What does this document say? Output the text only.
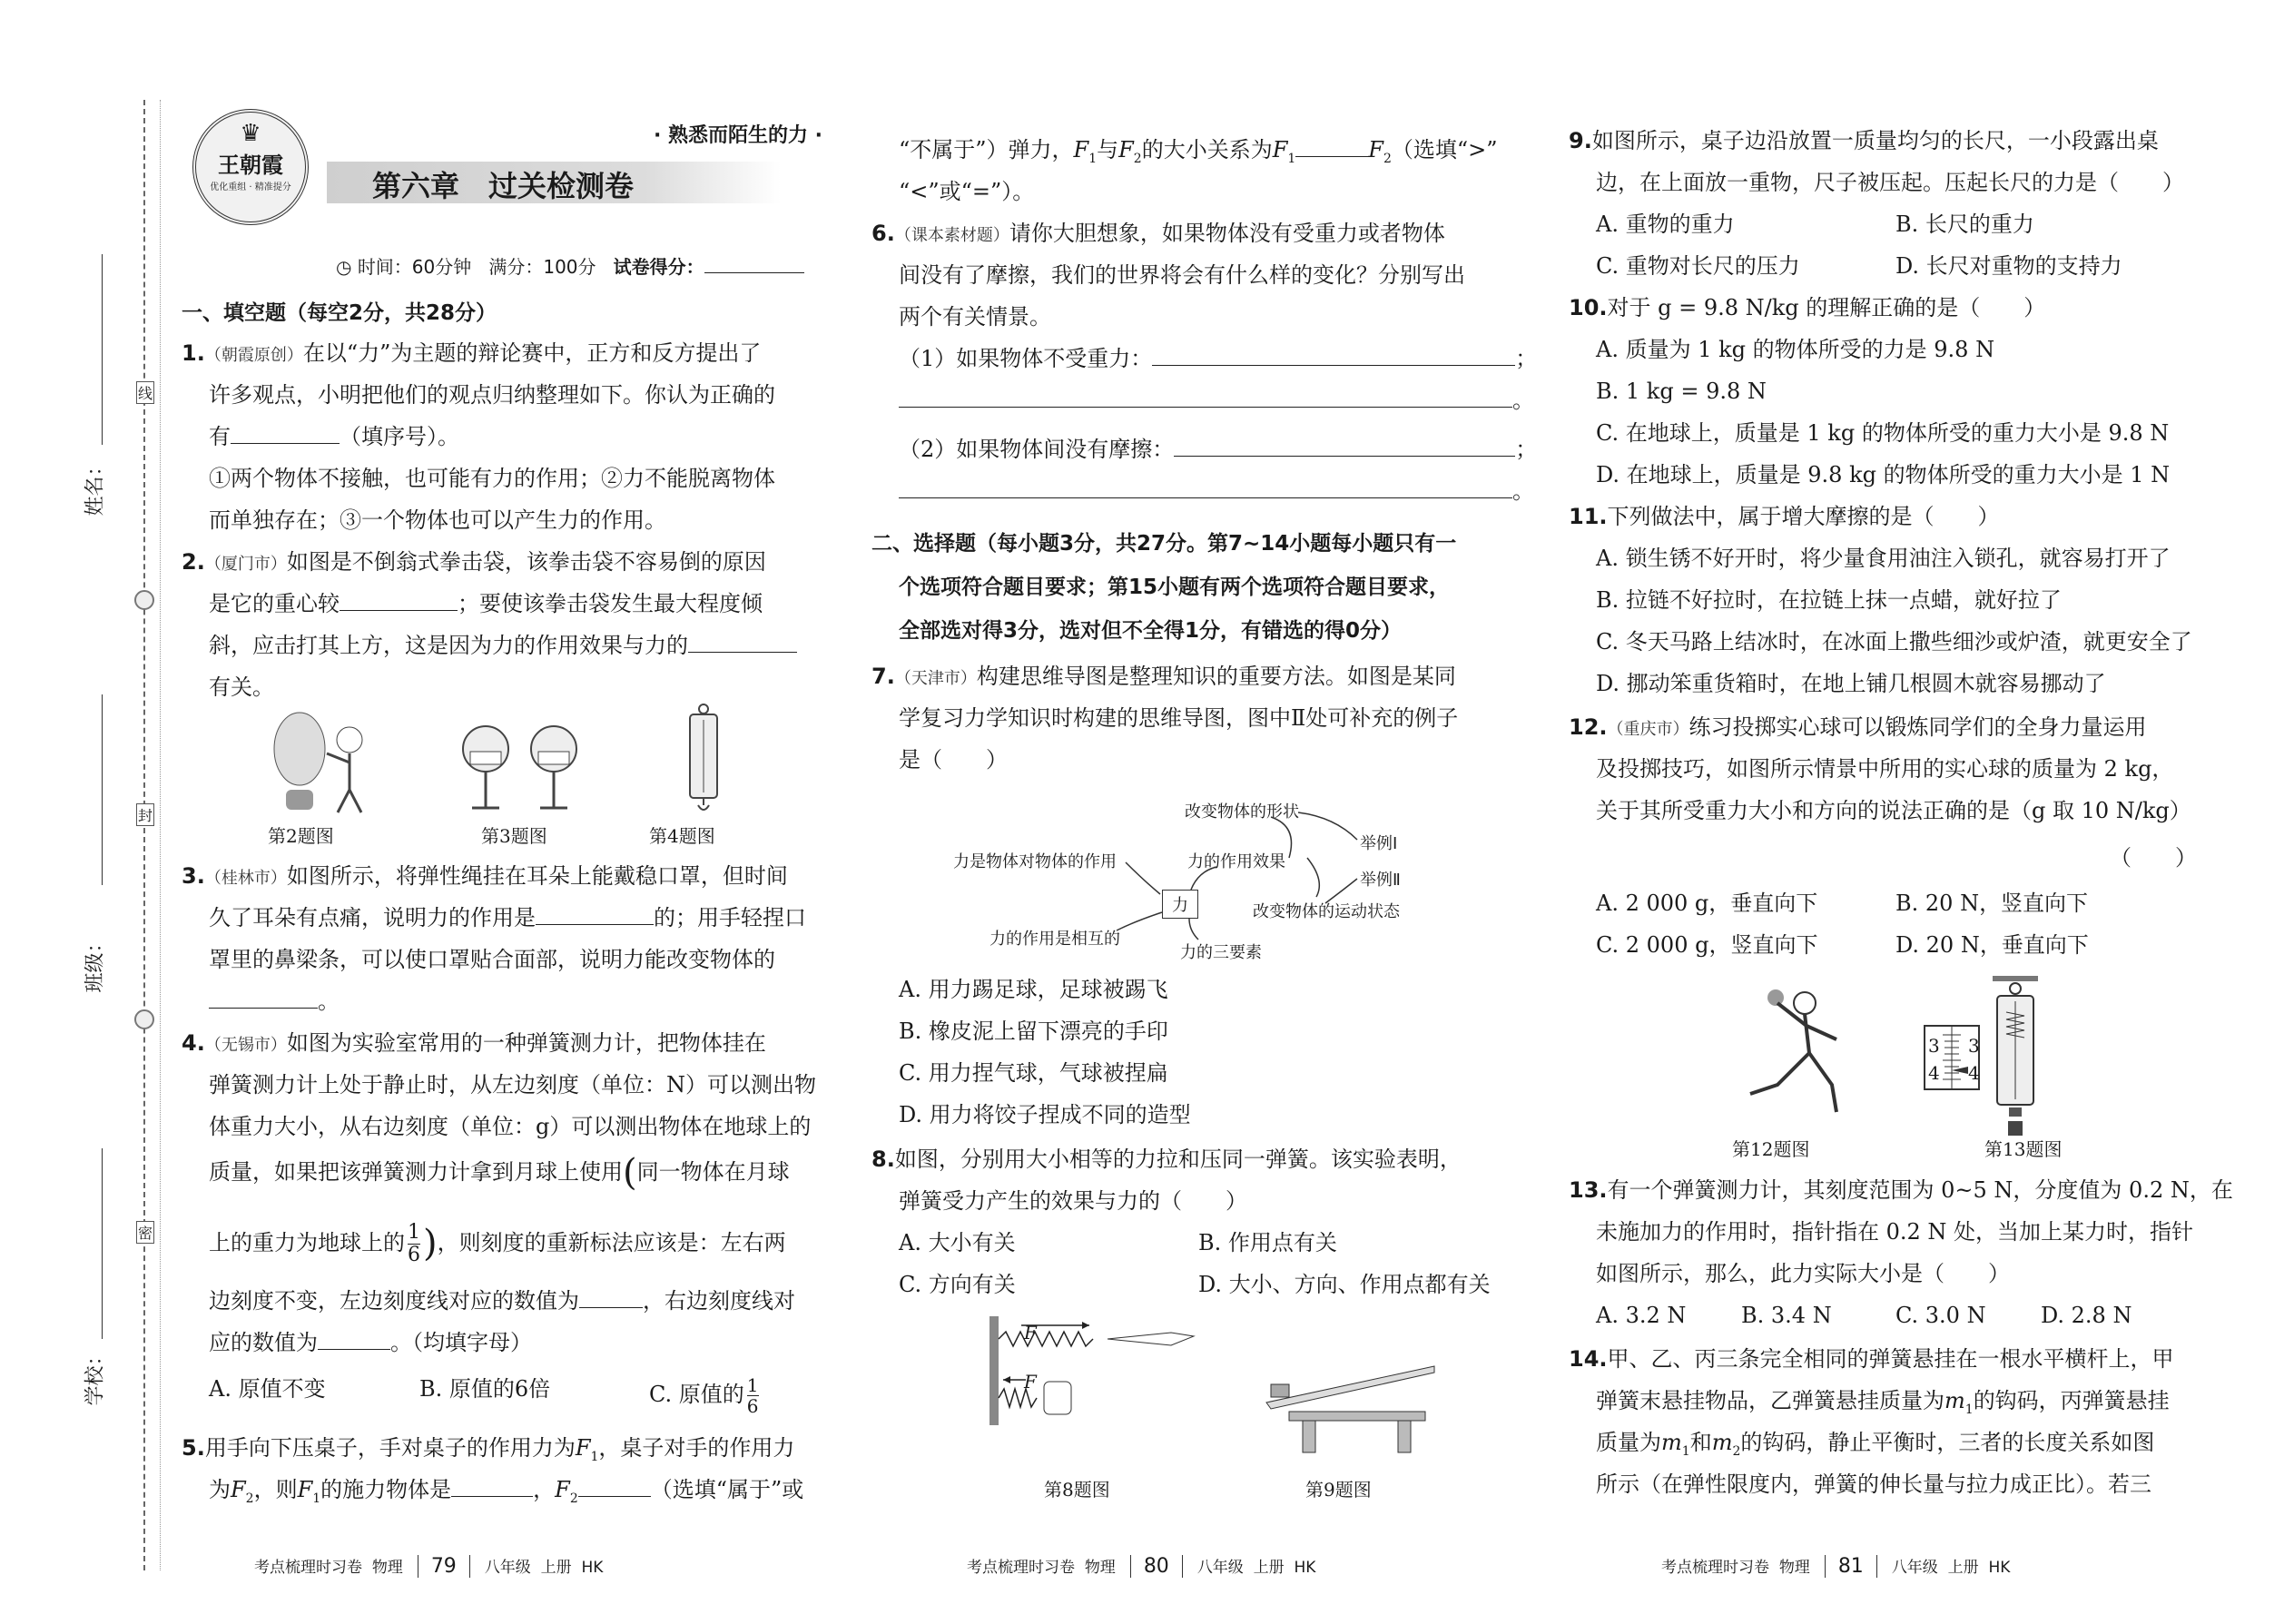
姓名：
班级：
学校：
线
封
密
♛
王朝霞
优化重组 · 精准提分
· 熟悉而陌生的力 ·
第六章　过关检测卷
◷ 时间：60分钟 满分：100分 试卷得分：
一、填空题（每空2分，共28分）
1.（朝霞原创）在以“力”为主题的辩论赛中，正方和反方提出了
许多观点，小明把他们的观点归纳整理如下。你认为正确的
有	（填序号）。
①两个物体不接触，也可能有力的作用；②力不能脱离物体
而单独存在；③一个物体也可以产生力的作用。
2.（厦门市）如图是不倒翁式拳击袋，该拳击袋不容易倒的原因
是它的重心较	；要使该拳击袋发生最大程度倾
斜，应击打其上方，这是因为力的作用效果与力的
有关。
第2题图	第3题图	第4题图
3.（桂林市）如图所示，将弹性绳挂在耳朵上能戴稳口罩，但时间
久了耳朵有点痛，说明力的作用是	的；用手轻捏口
罩里的鼻梁条，可以使口罩贴合面部，说明力能改变物体的
。
4.（无锡市）如图为实验室常用的一种弹簧测力计，把物体挂在
弹簧测力计上处于静止时，从左边刻度（单位：N）可以测出物
体重力大小，从右边刻度（单位：g）可以测出物体在地球上的
质量，如果把该弹簧测力计拿到月球上使用(同一物体在月球
上的重力为地球上的 $\frac{1}{6}$ )，则刻度的重新标法应该是：左右两
边刻度不变，左边刻度线对应的数值为	，右边刻度线对
应的数值为	。（均填字母）
A. 原值不变	B. 原值的6倍	C. 原值的 $\frac{1}{6}$
5.用手向下压桌子，手对桌子的作用力为$F_1$，桌子对手的作用力
为$F_2$，则$F_1$的施力物体是	，$F_2$	（选填“属于”或
“不属于”）弹力，$F_1$与$F_2$的大小关系为$F_1$	$F_2$（选填“>”
“<”或“=”）。
6.（课本素材题）请你大胆想象，如果物体没有受重力或者物体
间没有了摩擦，我们的世界将会有什么样的变化？分别写出
两个有关情景。
（1）如果物体不受重力：	；
。
（2）如果物体间没有摩擦：	；
。
二、选择题（每小题3分，共27分。第7~14小题每小题只有一
个选项符合题目要求；第15小题有两个选项符合题目要求，
全部选对得3分，选对但不全得1分，有错选的得0分）
7.（天津市）构建思维导图是整理知识的重要方法。如图是某同
学复习力学知识时构建的思维导图，图中Ⅱ处可补充的例子
是（　　）
改变物体的形状
力是物体对物体的作用	力的作用效果
举例Ⅰ
举例Ⅱ
力	改变物体的运动状态
力的作用是相互的
力的三要素
A. 用力踢足球，足球被踢飞
B. 橡皮泥上留下漂亮的手印
C. 用力捏气球，气球被捏扁
D. 用力将饺子捏成不同的造型
8.如图，分别用大小相等的力拉和压同一弹簧。该实验表明，
弹簧受力产生的效果与力的（　　）
A. 大小有关	B. 作用点有关
C. 方向有关	D. 大小、方向、作用点都有关
F
F
第8题图	第9题图
9.如图所示，桌子边沿放置一质量均匀的长尺，一小段露出桌
边，在上面放一重物，尺子被压起。压起长尺的力是（　　）
A. 重物的重力	B. 长尺的重力
C. 重物对长尺的压力	D. 长尺对重物的支持力
10.对于 g = 9.8 N/kg 的理解正确的是（　　）
A. 质量为 1 kg 的物体所受的力是 9.8 N
B. 1 kg = 9.8 N
C. 在地球上，质量是 1 kg 的物体所受的重力大小是 9.8 N
D. 在地球上，质量是 9.8 kg 的物体所受的重力大小是 1 N
11.下列做法中，属于增大摩擦的是（　　）
A. 锁生锈不好开时，将少量食用油注入锁孔，就容易打开了
B. 拉链不好拉时，在拉链上抹一点蜡，就好拉了
C. 冬天马路上结冰时，在冰面上撒些细沙或炉渣，就更安全了
D. 挪动笨重货箱时，在地上铺几根圆木就容易挪动了
12.（重庆市）练习投掷实心球可以锻炼同学们的全身力量运用
及投掷技巧，如图所示情景中所用的实心球的质量为 2 kg，
关于其所受重力大小和方向的说法正确的是（g 取 10 N/kg）
（　　）
A. 2 000 g，垂直向下	B. 20 N，竖直向下
C. 2 000 g，竖直向下	D. 20 N，垂直向下
第12题图
3
4
3
4
第13题图
13.有一个弹簧测力计，其刻度范围为 0~5 N，分度值为 0.2 N，在
未施加力的作用时，指针指在 0.2 N 处，当加上某力时，指针
如图所示，那么，此力实际大小是（　　）
A. 3.2 N	B. 3.4 N	C. 3.0 N	D. 2.8 N
14.甲、乙、丙三条完全相同的弹簧悬挂在一根水平横杆上，甲
弹簧末悬挂物品，乙弹簧悬挂质量为$m_1$的钩码，丙弹簧悬挂
质量为$m_1$和$m_2$的钩码，静止平衡时，三者的长度关系如图
所示（在弹性限度内，弹簧的伸长量与拉力成正比）。若三
考点梳理时习卷 物理 79 八年级 上册 HK	考点梳理时习卷 物理 80 八年级 上册 HK	考点梳理时习卷 物理 81 八年级 上册 HK
